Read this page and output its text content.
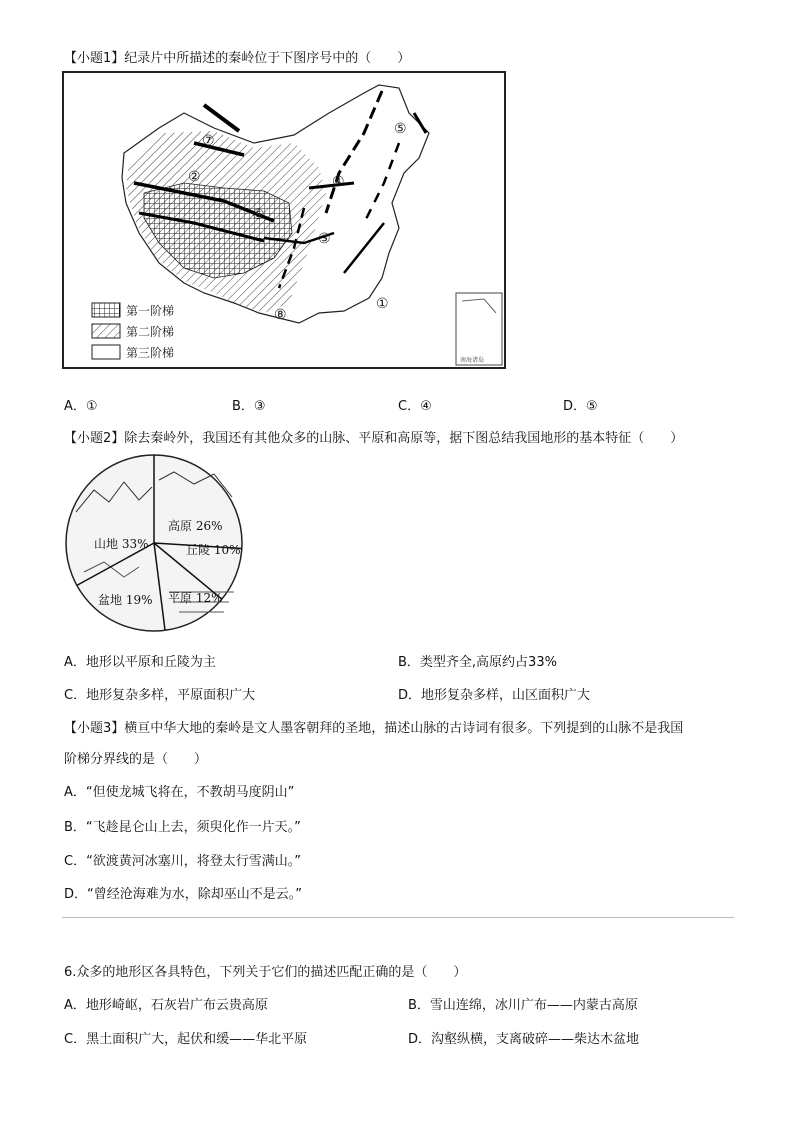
【小题1】纪录片中所描述的秦岭位于下图序号中的（　　）
①
②
③
④
⑤
⑥
⑦
⑧
第一阶梯
第二阶梯
第三阶梯
南海诸岛
A．①	B．③	C．④	D．⑤
【小题2】除去秦岭外，我国还有其他众多的山脉、平原和高原等，据下图总结我国地形的基本特征（　　）
高原 26%
山地 33%	丘陵 10%
平原 12%
盆地 19%
A．地形以平原和丘陵为主	B．类型齐全,高原约占33%
C．地形复杂多样，平原面积广大	D．地形复杂多样，山区面积广大
【小题3】横亘中华大地的秦岭是文人墨客朝拜的圣地，描述山脉的古诗词有很多。下列提到的山脉不是我国
阶梯分界线的是（　　）
A．“但使龙城飞将在，不教胡马度阴山”
B．“飞趁昆仑山上去，须臾化作一片天。”
C．“欲渡黄河冰塞川，将登太行雪满山。”
D．“曾经沧海难为水，除却巫山不是云。”
6.众多的地形区各具特色，下列关于它们的描述匹配正确的是（　　）
A．地形崎岖，石灰岩广布云贵高原	B．雪山连绵，冰川广布——内蒙古高原
C．黑土面积广大，起伏和缓——华北平原	D．沟壑纵横，支离破碎——柴达木盆地
